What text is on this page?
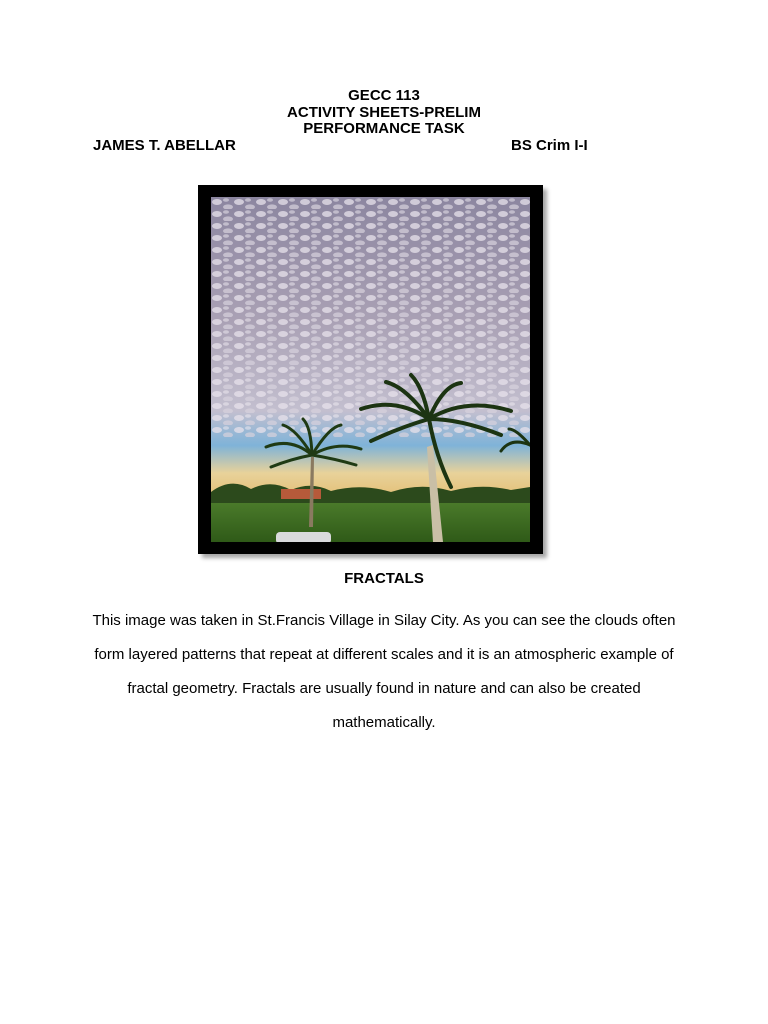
GECC 113
ACTIVITY SHEETS-PRELIM
PERFORMANCE TASK
JAMES T. ABELLAR	BS Crim I-I
FRACTALS
This image was taken in St.Francis Village in Silay City. As you can see the clouds often form layered patterns that repeat at different scales and it is an atmospheric example of fractal geometry. Fractals are usually found in nature and can also be created mathematically.
